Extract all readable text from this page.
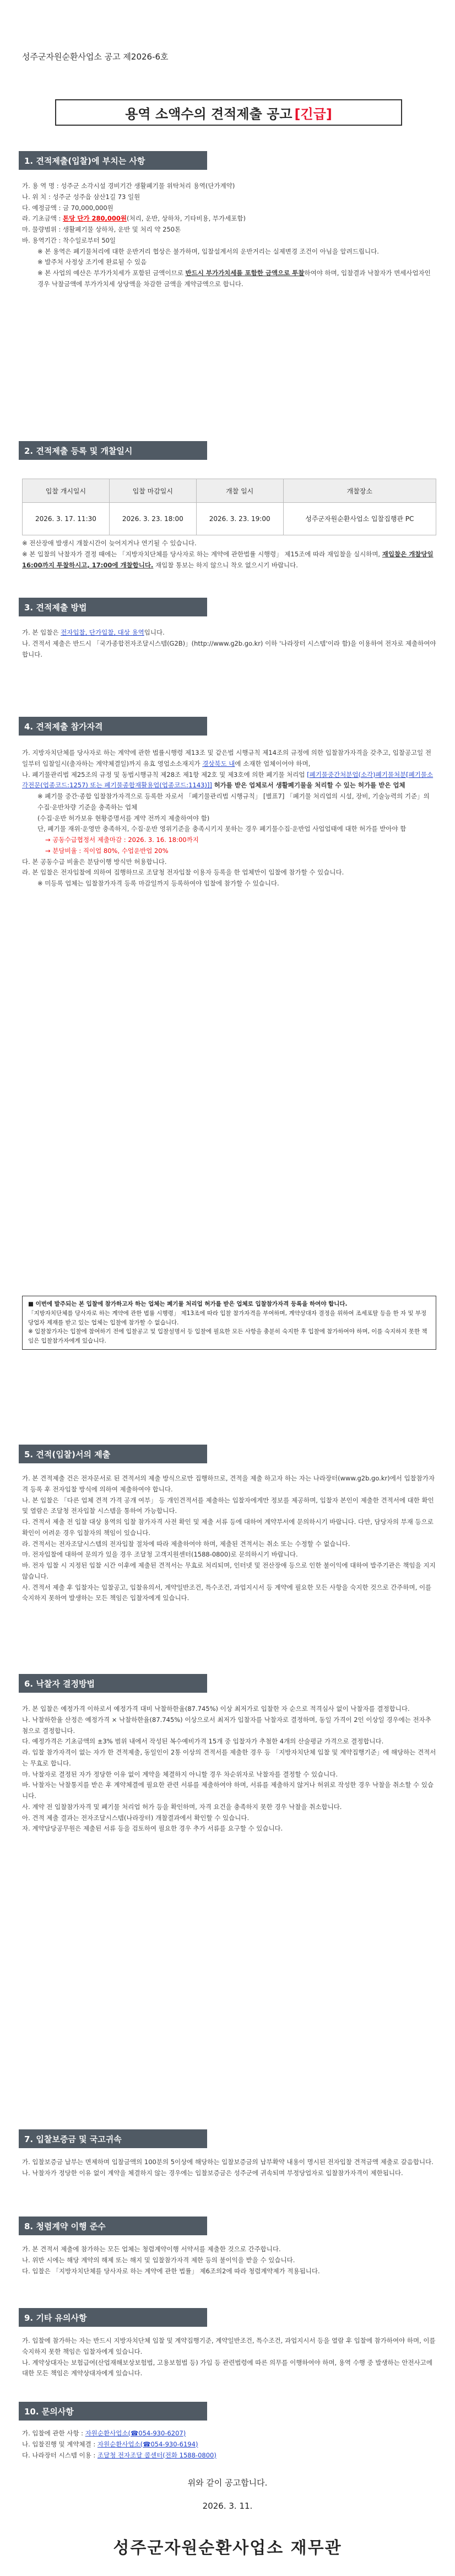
성주군자원순환사업소 공고 제2026-6호
용역 소액수의 견적제출 공고 [긴급]
1. 견적제출(입찰)에 부치는 사항

가. 용 역 명 : 성주군 소각시설 경비기간 생활폐기물 위탁처리 용역(단가계약)

나. 위 치 : 성주군 성주읍 삼산1길 73 일원

다. 예정금액 : 금 70,000,000원

라. 기초금액 : 톤당 단가 280,000원(처리, 운반, 상하차, 기타비용, 부가세포함)

마. 물량범위 : 생활폐기물 상하차, 운반 및 처리 약 250톤

바. 용역기간 : 착수일로부터 50일

※ 본 용역은 폐기물처리에 대한 운반거리 협상은 불가하며, 입찰설계서의 운반거리는 실제변경 조건이 아님을 알려드립니다.

※ 발주처 사정상 조기에 완료될 수 있음

※ 본 사업의 예산은 부가가치세가 포함된 금액이므로 반드시 부가가치세를 포함한 금액으로 투찰하여야 하며, 입찰결과 낙찰자가 면세사업자인 경우 낙찰금액에 부가가치세 상당액을 차감한 금액을 계약금액으로 합니다.

2. 견적제출 등록 및 개찰일시
입찰 개시일시	입찰 마감일시	개찰 일시	개찰장소
2026. 3. 17. 11:30	2026. 3. 23. 18:00	2026. 3. 23. 19:00	성주군자원순환사업소 입찰집행관 PC

※ 전산장애 발생시 개찰시간이 늦어지거나 연기될 수 있습니다.

※ 본 입찰의 낙찰자가 결정 때에는 「지방자치단체를 당사자로 하는 계약에 관한법률 시행령」 제15조에 따라 재입찰을 실시하며, 재입찰은 개찰당일 16:00까지 투찰하시고, 17:00에 개찰합니다. 재입찰 통보는 하지 않으니 착오 없으시기 바랍니다.

3. 견적제출 방법

가. 본 입찰은 전자입찰, 단가입찰, 대상 용역입니다.

나. 견적서 제출은 반드시 「국가종합전자조달시스템(G2B)」(http://www.g2b.go.kr) 이하 '나라장터 시스템'이라 함)을 이용하여 전자로 제출하여야 합니다.

4. 견적제출 참가자격

가. 지방자치단체를 당사자로 하는 계약에 관한 법률시행령 제13조 및 같은법 시행규칙 제14조의 규정에 의한 입찰참가자격을 갖추고, 입찰공고일 전일부터 입찰일시(출자하는 계약체결일)까지 유효 영업소소재지가 경상북도 내에 소재한 업체이어야 하며,

나. 폐기물관리법 제25조의 규정 및 동법시행규칙 제28조 제1항 제2호 및 제3호에 의한 폐기물 처리업 [폐기물중간처분업(소각)폐기물처분[폐기물소각전문(업종코드:1257) 또는 폐기물종합재활용업(업종코드:1143)]] 허가를 받은 업체로서 생활폐기물을 처리할 수 있는 허가를 받은 업체

※ 폐기물 중간·종합 입찰참가자격으로 등록한 자로서 「폐기물관리법 시행규칙」 [별표7] 「폐기물 처리업의 시설, 장비, 기술능력의 기준」의 수집·운반차량 기준을 충족하는 업체

(수집·운반 허가보유 현황증명서를 계약 전까지 제출하여야 함)

단, 폐기물 재위·운영만 충족하지, 수집·운반 영위기준을 충족시키지 못하는 경우 폐기물수집·운반업 사업업태에 대한 허가를 받아야 함

→ 공동수급협정서 제출마감 : 2026. 3. 16. 18:00까지

→ 분담비율 : 직이업 80%, 수업운반업 20%

다. 본 공동수급 비율은 분담이행 방식만 허용합니다.

라. 본 입찰은 전자입찰에 의하여 집행하므로 조달청 전자입찰 이용자 등록을 한 업체만이 입찰에 참가할 수 있습니다.

※ 미등록 업체는 입찰참가자격 등록 마감일까지 등록하여야 입찰에 참가할 수 있습니다.

■ 이번에 발주되는 본 입찰에 참가하고자 하는 업체는 폐기물 처리업 허가를 받은 업체로 입찰참가자격 등록을 하여야 합니다.

「지방자치단체를 당사자로 하는 계약에 관한 법률 시행령」 제13조에 따라 입찰 참가자격을 부여하며, 계약상대자 결정을 위하여 조세포탈 등을 한 자 및 부정당업자 제재를 받고 있는 업체는 입찰에 참가할 수 없습니다.

※ 입찰참가자는 입찰에 참여하기 전에 입찰공고 및 입찰설명서 등 입찰에 필요한 모든 사항을 충분히 숙지한 후 입찰에 참가하여야 하며, 이를 숙지하지 못한 책임은 입찰참가자에게 있습니다.

5. 견적(입찰)서의 제출

가. 본 견적제출 건은 전자문서로 된 견적서의 제출 방식으로만 집행하므로, 견적을 제출 하고자 하는 자는 나라장터(www.g2b.go.kr)에서 입찰참가자격 등록 후 전자입찰 방식에 의하여 제출하여야 합니다.

나. 본 입찰은 「다른 업체 견적 가격 공개 여부」 등 개인견적서를 제출하는 입찰자에게만 정보를 제공하며, 입찰자 본인이 제출한 견적서에 대한 확인 및 열람은 조달청 전자입찰 시스템을 통하여 가능합니다.

다. 견적서 제출 전 입찰 대상 용역의 입찰 참가자격 사전 확인 및 제출 서류 등에 대하여 계약부서에 문의하시기 바랍니다. 다만, 담당자의 부재 등으로 확인이 어려운 경우 입찰자의 책임이 있습니다.

라. 견적서는 전자조달시스템의 전자입찰 절차에 따라 제출하여야 하며, 제출된 견적서는 취소 또는 수정할 수 없습니다.

마. 전자입찰에 대하여 문의가 있을 경우 조달청 고객지원센터(1588-0800)로 문의하시기 바랍니다.

바. 전자 입찰 시 지정된 입찰 시간 이후에 제출된 견적서는 무효로 처리되며, 인터넷 및 전산장애 등으로 인한 불이익에 대하여 발주기관은 책임을 지지 않습니다.

사. 견적서 제출 후 입찰자는 입찰공고, 입찰유의서, 계약일반조건, 특수조건, 과업지시서 등 계약에 필요한 모든 사항을 숙지한 것으로 간주하며, 이를 숙지하지 못하여 발생하는 모든 책임은 입찰자에게 있습니다.

6. 낙찰자 결정방법

가. 본 입찰은 예정가격 이하로서 예정가격 대비 낙찰하한율(87.745%) 이상 최저가로 입찰한 자 순으로 적격심사 없이 낙찰자를 결정합니다.

나. 낙찰하한율 산정은 예정가격 × 낙찰하한율(87.745%) 이상으로서 최저가 입찰자를 낙찰자로 결정하며, 동일 가격이 2인 이상일 경우에는 전자추첨으로 결정합니다.

다. 예정가격은 기초금액의 ±3% 범위 내에서 작성된 복수예비가격 15개 중 입찰자가 추첨한 4개의 산술평균 가격으로 결정합니다.

라. 입찰 참가자격이 없는 자가 한 견적제출, 동일인이 2통 이상의 견적서를 제출한 경우 등 「지방자치단체 입찰 및 계약집행기준」에 해당하는 견적서는 무효로 합니다.

마. 낙찰자로 결정된 자가 정당한 이유 없이 계약을 체결하지 아니할 경우 차순위자로 낙찰자를 결정할 수 있습니다.

바. 낙찰자는 낙찰통지를 받은 후 계약체결에 필요한 관련 서류를 제출하여야 하며, 서류를 제출하지 않거나 허위로 작성한 경우 낙찰을 취소할 수 있습니다.

사. 계약 전 입찰참가자격 및 폐기물 처리업 허가 등을 확인하며, 자격 요건을 충족하지 못한 경우 낙찰을 취소합니다.

아. 견적 제출 결과는 전자조달시스템(나라장터) 개찰결과에서 확인할 수 있습니다.

자. 계약담당공무원은 제출된 서류 등을 검토하여 필요한 경우 추가 서류를 요구할 수 있습니다.

7. 입찰보증금 및 국고귀속

가. 입찰보증금 납부는 면제하며 입찰금액의 100분의 5이상에 해당하는 입찰보증금의 납부확약 내용이 명시된 전자입찰 견적금액 제출로 갈음합니다.

나. 낙찰자가 정당한 이유 없이 계약을 체결하지 않는 경우에는 입찰보증금은 성주군에 귀속되며 부정당업자로 입찰참가자격이 제한됩니다.

8. 청렴계약 이행 준수

가. 본 견적서 제출에 참가하는 모든 업체는 청렴계약이행 서약서를 제출한 것으로 간주합니다.

나. 위반 시에는 해당 계약의 해제 또는 해지 및 입찰참가자격 제한 등의 불이익을 받을 수 있습니다.

다. 입찰은 「지방자치단체를 당사자로 하는 계약에 관한 법률」 제6조의2에 따라 청렴계약제가 적용됩니다.

9. 기타 유의사항

가. 입찰에 참가하는 자는 반드시 지방자치단체 입찰 및 계약집행기준, 계약일반조건, 특수조건, 과업지시서 등을 열람 후 입찰에 참가하여야 하며, 이를 숙지하지 못한 책임은 입찰자에게 있습니다.

나. 계약상대자는 보험급여(산업재해보상보험법, 고용보험법 등) 가입 등 관련법령에 따른 의무를 이행하여야 하며, 용역 수행 중 발생하는 안전사고에 대한 모든 책임은 계약상대자에게 있습니다.

10. 문의사항

가. 입찰에 관한 사항 : 자원순환사업소(☎054-930-6207)

나. 입찰진행 및 계약체결 : 자원순환사업소(☎054-930-6194)

다. 나라장터 시스템 이용 : 조달청 전자조달 콜센터(전화 1588-0800)

위와 같이 공고합니다.
2026. 3. 11.
성주군자원순환사업소 재무관
